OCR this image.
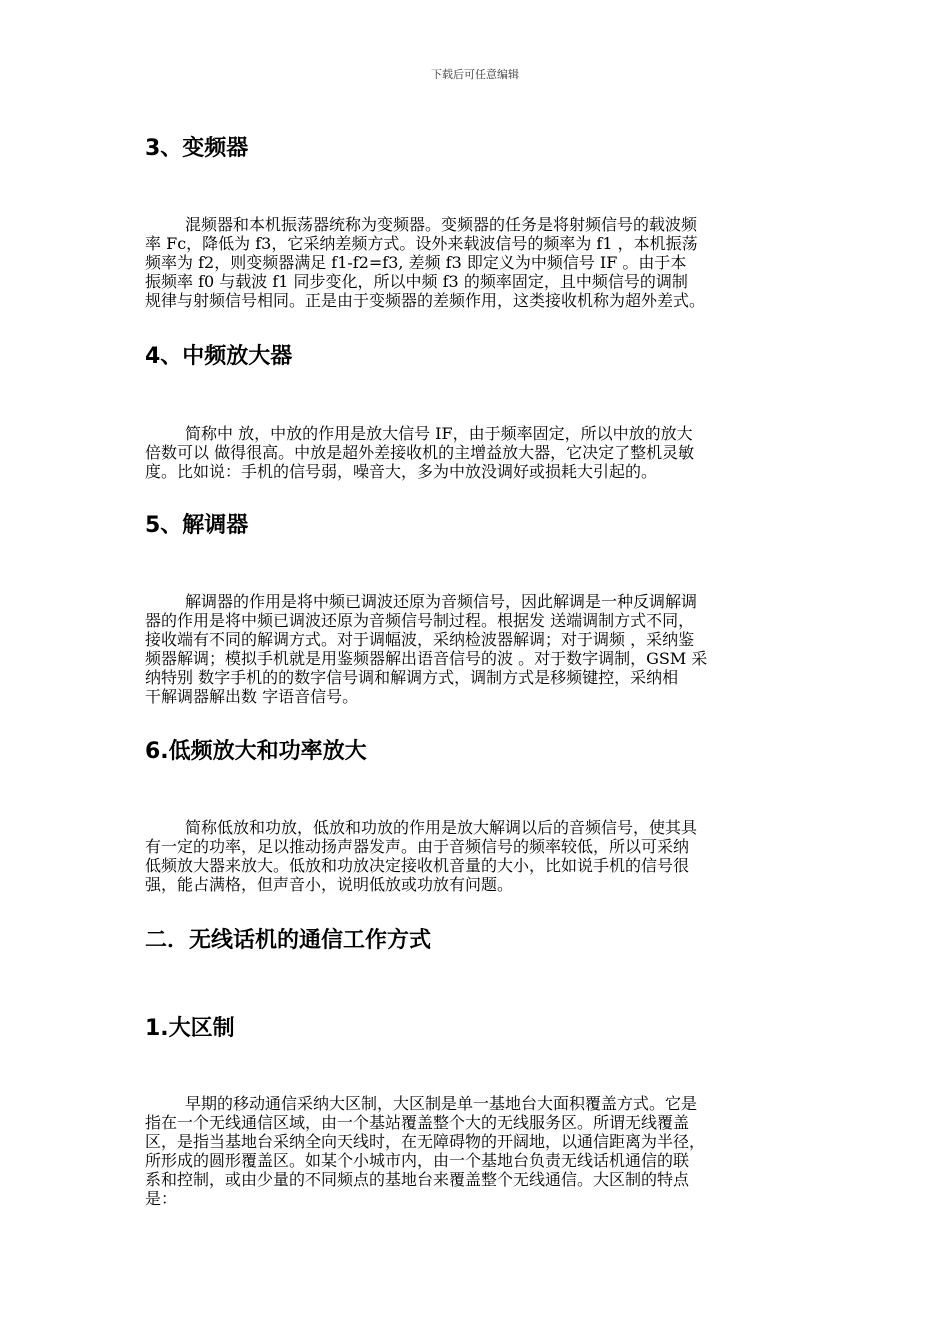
下载后可任意编辑
3、变频器
混频器和本机振荡器统称为变频器。变频器的任务是将射频信号的载波频
率 Fc，降低为 f3，它采纳差频方式。设外来载波信号的频率为 f1 ，本机振荡
频率为 f2，则变频器满足 f1-f2=f3, 差频 f3 即定义为中频信号 IF 。由于本
振频率 f0 与载波 f1 同步变化，所以中频 f3 的频率固定，且中频信号的调制
规律与射频信号相同。正是由于变频器的差频作用，这类接收机称为超外差式。
4、中频放大器
简称中 放，中放的作用是放大信号 IF，由于频率固定，所以中放的放大
倍数可以 做得很高。中放是超外差接收机的主增益放大器，它决定了整机灵敏
度。比如说：手机的信号弱，噪音大，多为中放没调好或损耗大引起的。
5、解调器
解调器的作用是将中频已调波还原为音频信号，因此解调是一种反调解调
器的作用是将中频已调波还原为音频信号制过程。根据发 送端调制方式不同，
接收端有不同的解调方式。对于调幅波，采纳检波器解调；对于调频 ，采纳鉴
频器解调；模拟手机就是用鉴频器解出语音信号的波 。对于数字调制，GSM 采
纳特别 数字手机的的数字信号调和解调方式，调制方式是移频键控，采纳相
干解调器解出数 字语音信号。
6.低频放大和功率放大
简称低放和功放，低放和功放的作用是放大解调以后的音频信号，使其具
有一定的功率，足以推动扬声器发声。由于音频信号的频率较低，所以可采纳
低频放大器来放大。低放和功放决定接收机音量的大小，比如说手机的信号很
强，能占满格，但声音小，说明低放或功放有问题。
二．无线话机的通信工作方式
1.大区制
早期的移动通信采纳大区制，大区制是单一基地台大面积覆盖方式。它是
指在一个无线通信区域，由一个基站覆盖整个大的无线服务区。所谓无线覆盖
区，是指当基地台采纳全向天线时，在无障碍物的开阔地，以通信距离为半径，
所形成的圆形覆盖区。如某个小城市内，由一个基地台负责无线话机通信的联
系和控制，或由少量的不同频点的基地台来覆盖整个无线通信。大区制的特点
是：
